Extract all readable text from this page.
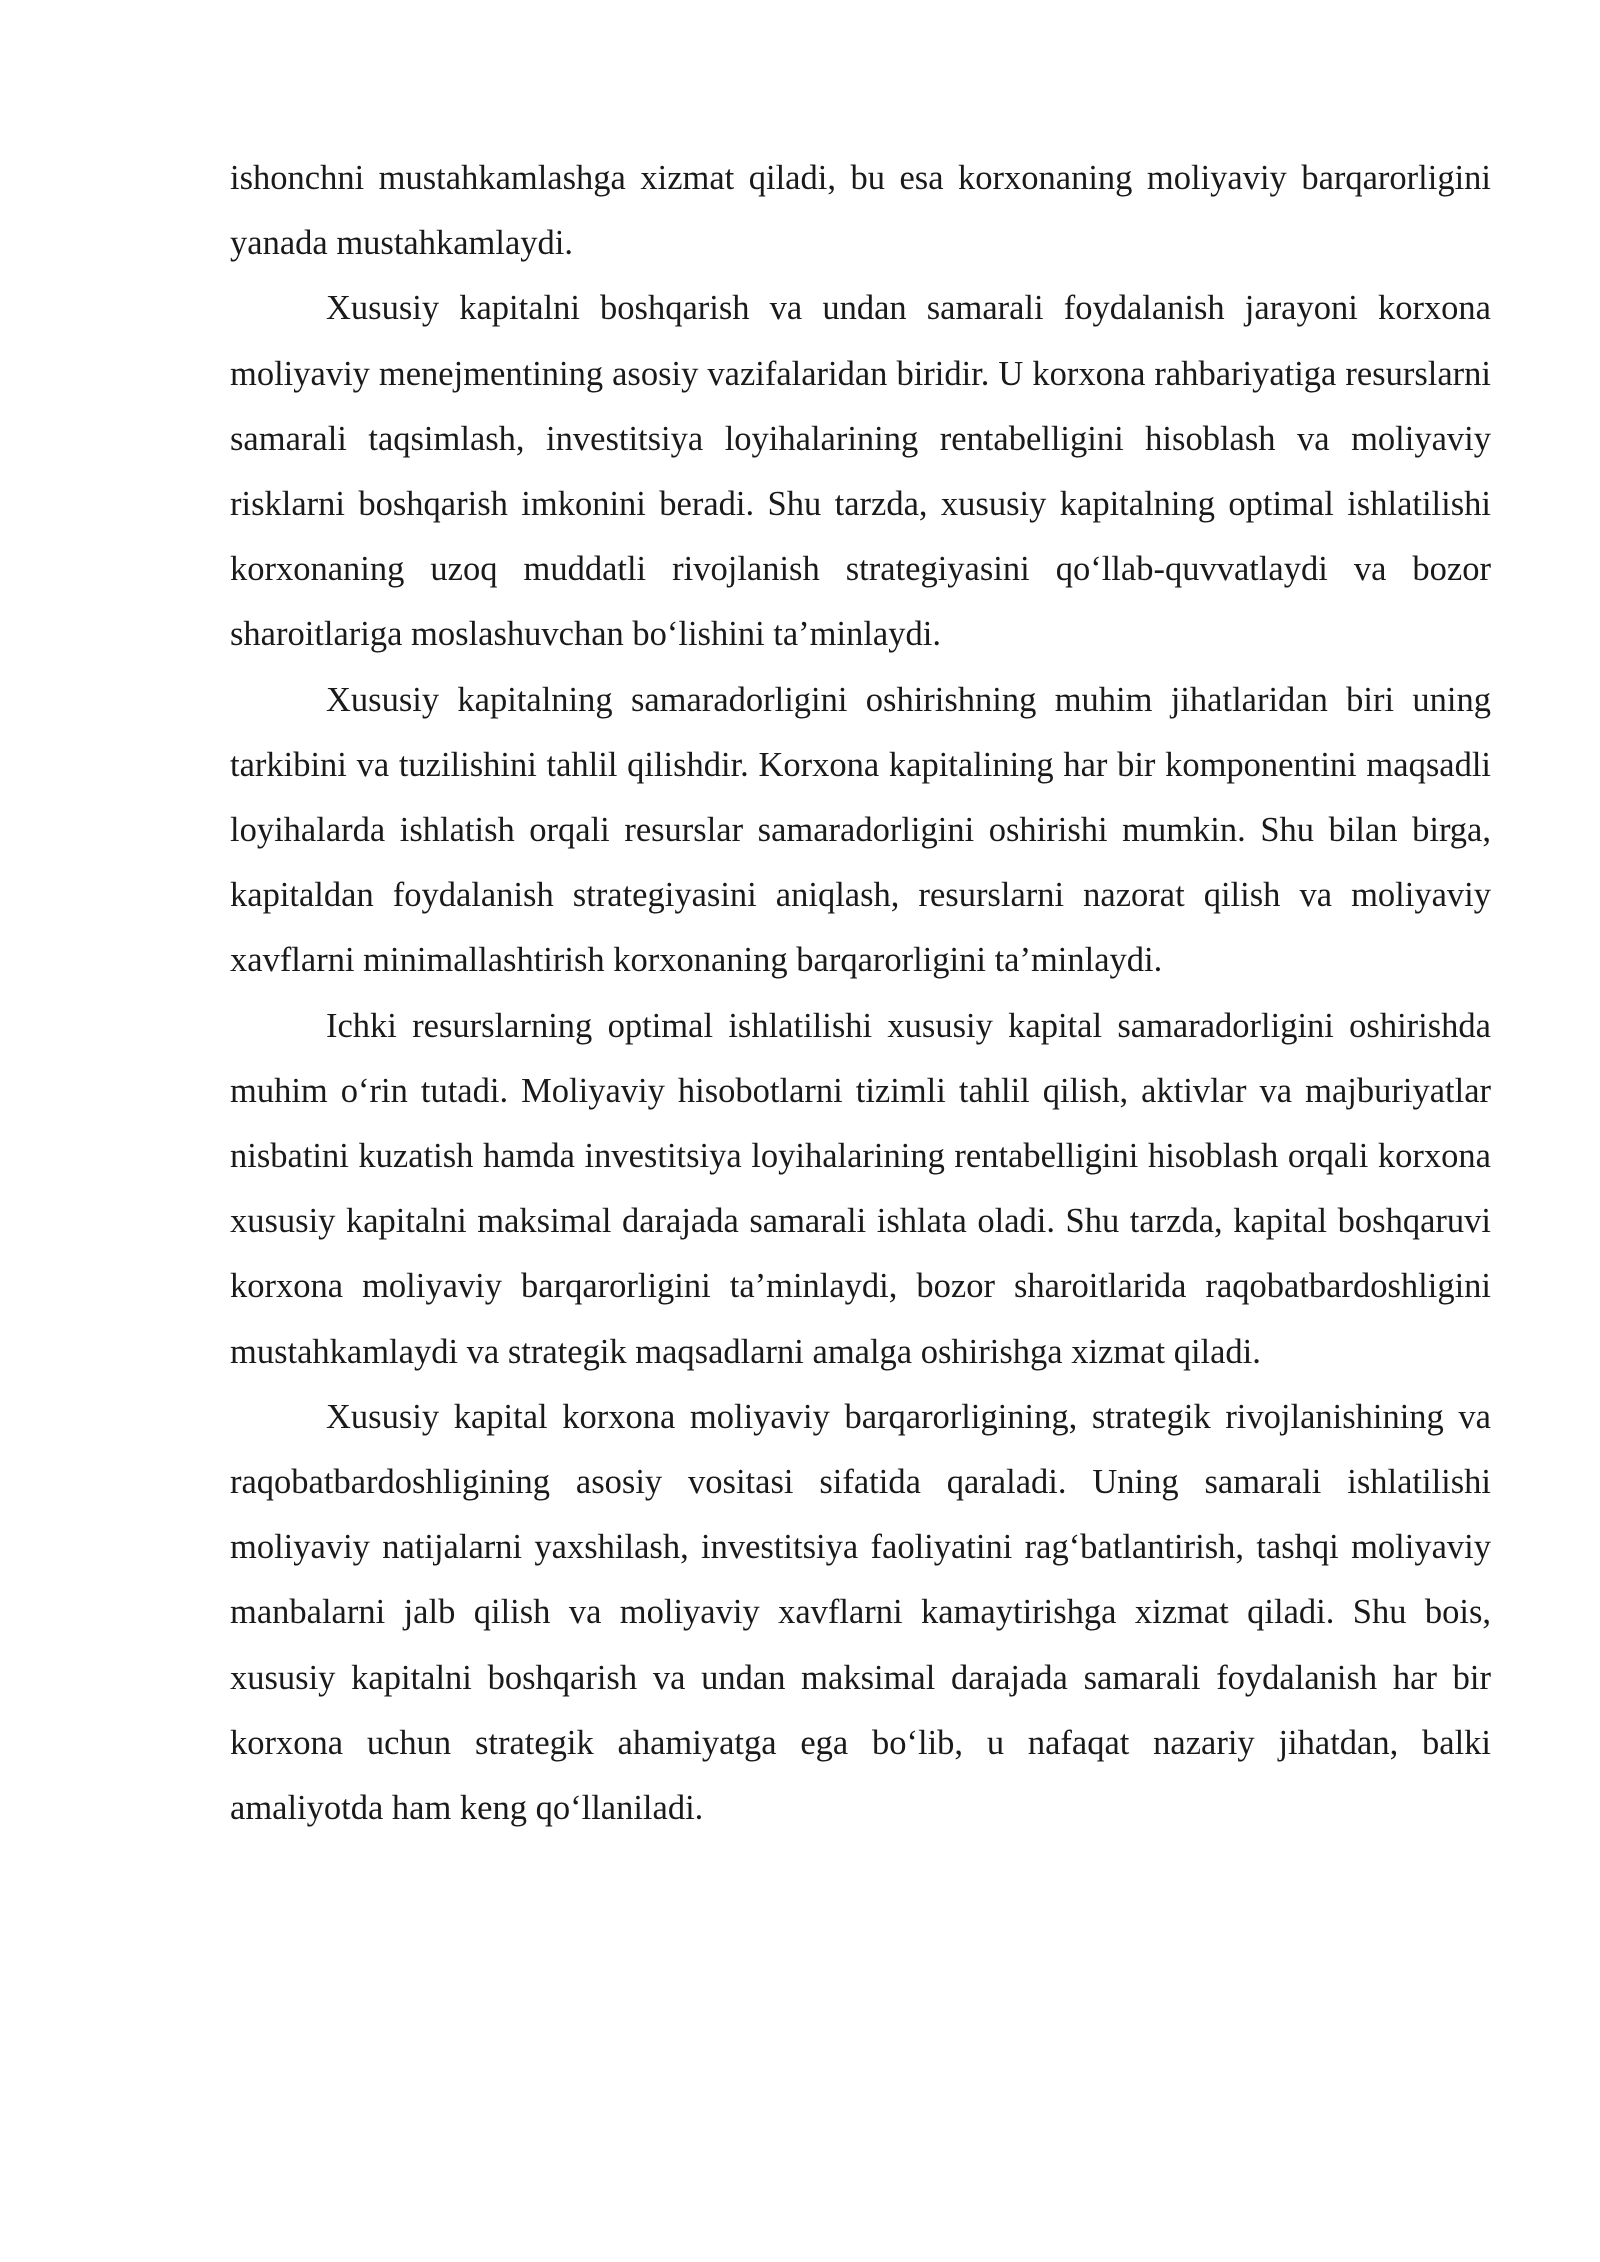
ishonchni mustahkamlashga xizmat qiladi, bu esa korxonaning moliyaviy barqarorligini yanada mustahkamlaydi.

Xususiy kapitalni boshqarish va undan samarali foydalanish jarayoni korxona moliyaviy menejmentining asosiy vazifalaridan biridir. U korxona rahbariyatiga resurslarni samarali taqsimlash, investitsiya loyihalarining rentabelligini hisoblash va moliyaviy risklarni boshqarish imkonini beradi. Shu tarzda, xususiy kapitalning optimal ishlatilishi korxonaning uzoq muddatli rivojlanish strategiyasini qo‘llab-quvvatlaydi va bozor sharoitlariga moslashuvchan bo‘lishini ta’minlaydi.

Xususiy kapitalning samaradorligini oshirishning muhim jihatlaridan biri uning tarkibini va tuzilishini tahlil qilishdir. Korxona kapitalining har bir komponentini maqsadli loyihalarda ishlatish orqali resurslar samaradorligini oshirishi mumkin. Shu bilan birga, kapitaldan foydalanish strategiyasini aniqlash, resurslarni nazorat qilish va moliyaviy xavflarni minimallashtirish korxonaning barqarorligini ta’minlaydi.

Ichki resurslarning optimal ishlatilishi xususiy kapital samaradorligini oshirishda muhim o‘rin tutadi. Moliyaviy hisobotlarni tizimli tahlil qilish, aktivlar va majburiyatlar nisbatini kuzatish hamda investitsiya loyihalarining rentabelligini hisoblash orqali korxona xususiy kapitalni maksimal darajada samarali ishlata oladi. Shu tarzda, kapital boshqaruvi korxona moliyaviy barqarorligini ta’minlaydi, bozor sharoitlarida raqobatbardoshligini mustahkamlaydi va strategik maqsadlarni amalga oshirishga xizmat qiladi.

Xususiy kapital korxona moliyaviy barqarorligining, strategik rivojlanishining va raqobatbardoshligining asosiy vositasi sifatida qaraladi. Uning samarali ishlatilishi moliyaviy natijalarni yaxshilash, investitsiya faoliyatini rag‘batlantirish, tashqi moliyaviy manbalarni jalb qilish va moliyaviy xavflarni kamaytirishga xizmat qiladi. Shu bois, xususiy kapitalni boshqarish va undan maksimal darajada samarali foydalanish har bir korxona uchun strategik ahamiyatga ega bo‘lib, u nafaqat nazariy jihatdan, balki amaliyotda ham keng qo‘llaniladi.
